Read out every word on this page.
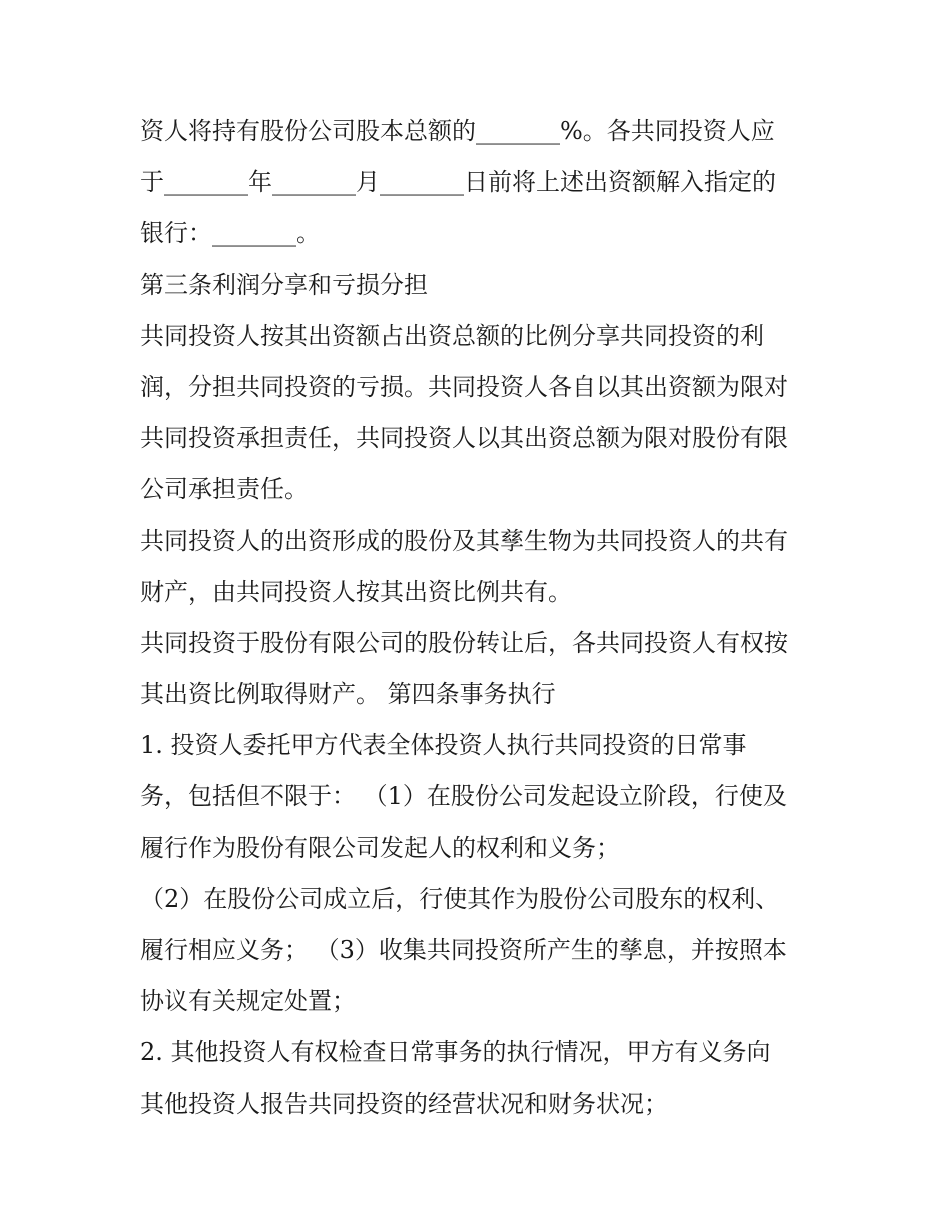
资人将持有股份公司股本总额的_______%。各共同投资人应
于_______年_______月_______日前将上述出资额解入指定的
银行：_______。
第三条利润分享和亏损分担
共同投资人按其出资额占出资总额的比例分享共同投资的利
润，分担共同投资的亏损。共同投资人各自以其出资额为限对
共同投资承担责任，共同投资人以其出资总额为限对股份有限
公司承担责任。
共同投资人的出资形成的股份及其孳生物为共同投资人的共有
财产，由共同投资人按其出资比例共有。
共同投资于股份有限公司的股份转让后，各共同投资人有权按
其出资比例取得财产。 第四条事务执行
1. 投资人委托甲方代表全体投资人执行共同投资的日常事
务，包括但不限于： （1）在股份公司发起设立阶段，行使及
履行作为股份有限公司发起人的权利和义务；
（2）在股份公司成立后，行使其作为股份公司股东的权利、
履行相应义务； （3）收集共同投资所产生的孳息，并按照本
协议有关规定处置；
2. 其他投资人有权检查日常事务的执行情况，甲方有义务向
其他投资人报告共同投资的经营状况和财务状况；
